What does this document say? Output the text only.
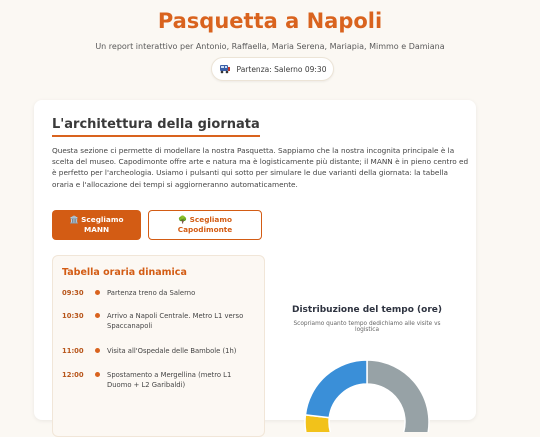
Pasquetta a Napoli
Un report interattivo per Antonio, Raffaella, Maria Serena, Mariapia, Mimmo e Damiana
Partenza: Salerno 09:30
L'architettura della giornata
Questa sezione ci permette di modellare la nostra Pasquetta. Sappiamo che la nostra incognita principale è la scelta del museo. Capodimonte offre arte e natura ma è logisticamente più distante; il MANN è in pieno centro ed è perfetto per l'archeologia. Usiamo i pulsanti qui sotto per simulare le due varianti della giornata: la tabella oraria e l'allocazione dei tempi si aggiorneranno automaticamente.
🏛️ Scegliamo
MANN
🌳 Scegliamo
Capodimonte
Tabella oraria dinamica
09:30	Partenza treno da Salerno
10:30	Arrivo a Napoli Centrale. Metro L1 verso Spaccanapoli
11:00	Visita all'Ospedale delle Bambole (1h)
12:00	Spostamento a Mergellina (metro L1 Duomo + L2 Garibaldi)
Distribuzione del tempo (ore)
Scopriamo quanto tempo dedichiamo alle visite vs logistica
